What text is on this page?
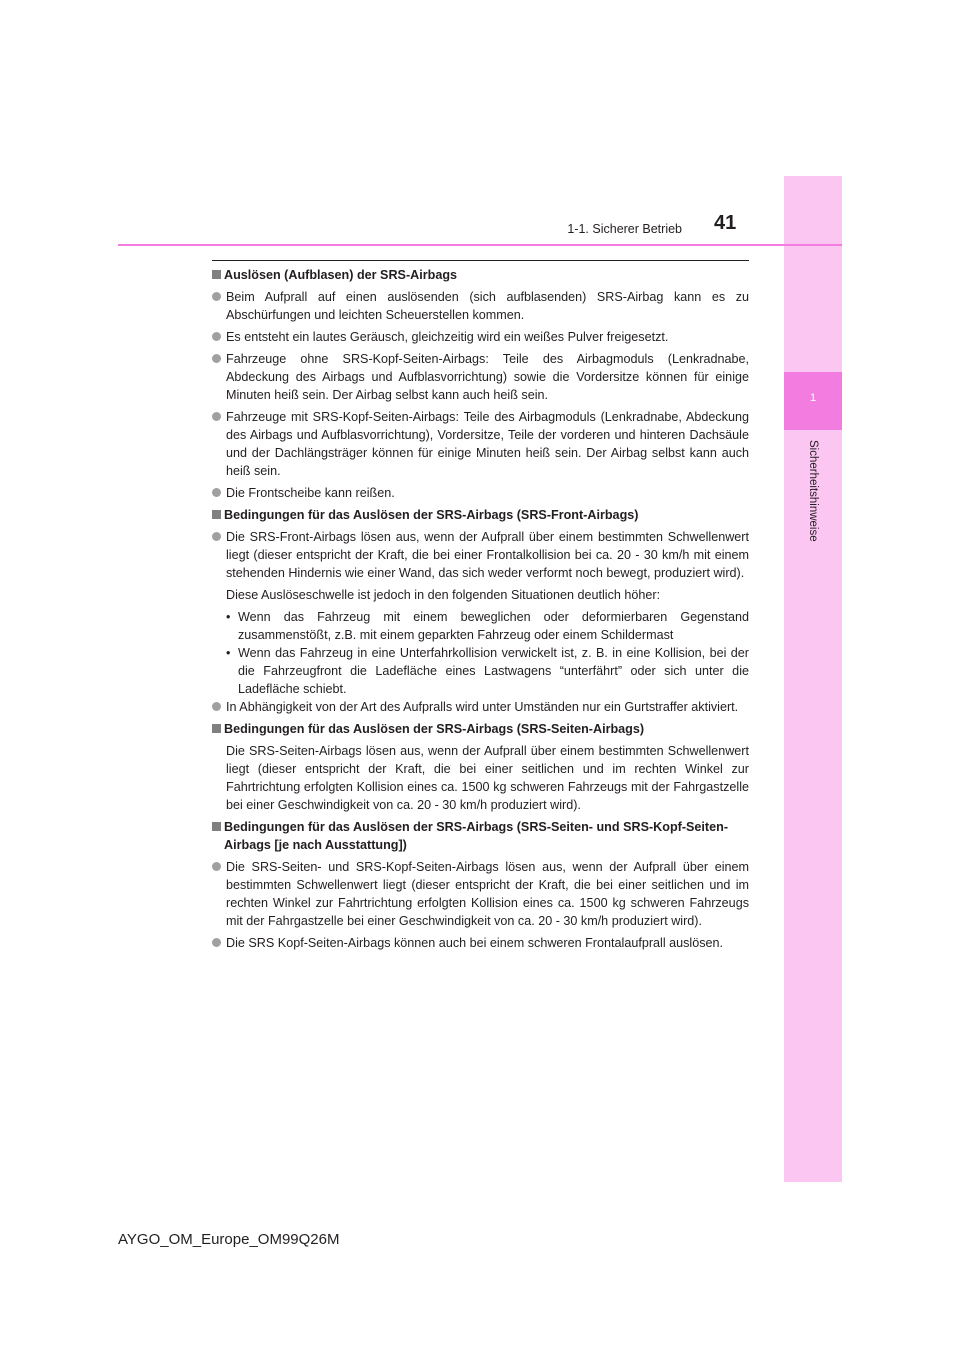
1
Sicherheitshinweise
1-1. Sicherer Betrieb 41
Auslösen (Aufblasen) der SRS-Airbags
Beim Aufprall auf einen auslösenden (sich aufblasenden) SRS-Airbag kann es zu Abschürfungen und leichten Scheuerstellen kommen.
Es entsteht ein lautes Geräusch, gleichzeitig wird ein weißes Pulver freigesetzt.
Fahrzeuge ohne SRS-Kopf-Seiten-Airbags: Teile des Airbagmoduls (Lenkradnabe, Abdeckung des Airbags und Aufblasvorrichtung) sowie die Vordersitze können für einige Minuten heiß sein. Der Airbag selbst kann auch heiß sein.
Fahrzeuge mit SRS-Kopf-Seiten-Airbags: Teile des Airbagmoduls (Lenkradnabe, Abdeckung des Airbags und Aufblasvorrichtung), Vordersitze, Teile der vorderen und hinteren Dachsäule und der Dachlängsträger können für einige Minuten heiß sein. Der Airbag selbst kann auch heiß sein.
Die Frontscheibe kann reißen.
Bedingungen für das Auslösen der SRS-Airbags (SRS-Front-Airbags)
Die SRS-Front-Airbags lösen aus, wenn der Aufprall über einem bestimmten Schwellenwert liegt (dieser entspricht der Kraft, die bei einer Frontalkollision bei ca. 20 - 30 km/h mit einem stehenden Hindernis wie einer Wand, das sich weder verformt noch bewegt, produziert wird).
Diese Auslöseschwelle ist jedoch in den folgenden Situationen deutlich höher:
• Wenn das Fahrzeug mit einem beweglichen oder deformierbaren Gegenstand zusammenstößt, z.B. mit einem geparkten Fahrzeug oder einem Schildermast
• Wenn das Fahrzeug in eine Unterfahrkollision verwickelt ist, z. B. in eine Kollision, bei der die Fahrzeugfront die Ladefläche eines Lastwagens “unterfährt” oder sich unter die Ladefläche schiebt.
In Abhängigkeit von der Art des Aufpralls wird unter Umständen nur ein Gurtstraffer aktiviert.
Bedingungen für das Auslösen der SRS-Airbags (SRS-Seiten-Airbags)
Die SRS-Seiten-Airbags lösen aus, wenn der Aufprall über einem bestimmten Schwellenwert liegt (dieser entspricht der Kraft, die bei einer seitlichen und im rechten Winkel zur Fahrtrichtung erfolgten Kollision eines ca. 1500 kg schweren Fahrzeugs mit der Fahrgastzelle bei einer Geschwindigkeit von ca. 20 - 30 km/h produziert wird).
Bedingungen für das Auslösen der SRS-Airbags (SRS-Seiten- und SRS-Kopf-Seiten-Airbags [je nach Ausstattung])
Die SRS-Seiten- und SRS-Kopf-Seiten-Airbags lösen aus, wenn der Aufprall über einem bestimmten Schwellenwert liegt (dieser entspricht der Kraft, die bei einer seitlichen und im rechten Winkel zur Fahrtrichtung erfolgten Kollision eines ca. 1500 kg schweren Fahrzeugs mit der Fahrgastzelle bei einer Geschwindigkeit von ca. 20 - 30 km/h produziert wird).
Die SRS Kopf-Seiten-Airbags können auch bei einem schweren Frontalaufprall auslösen.
AYGO_OM_Europe_OM99Q26M
